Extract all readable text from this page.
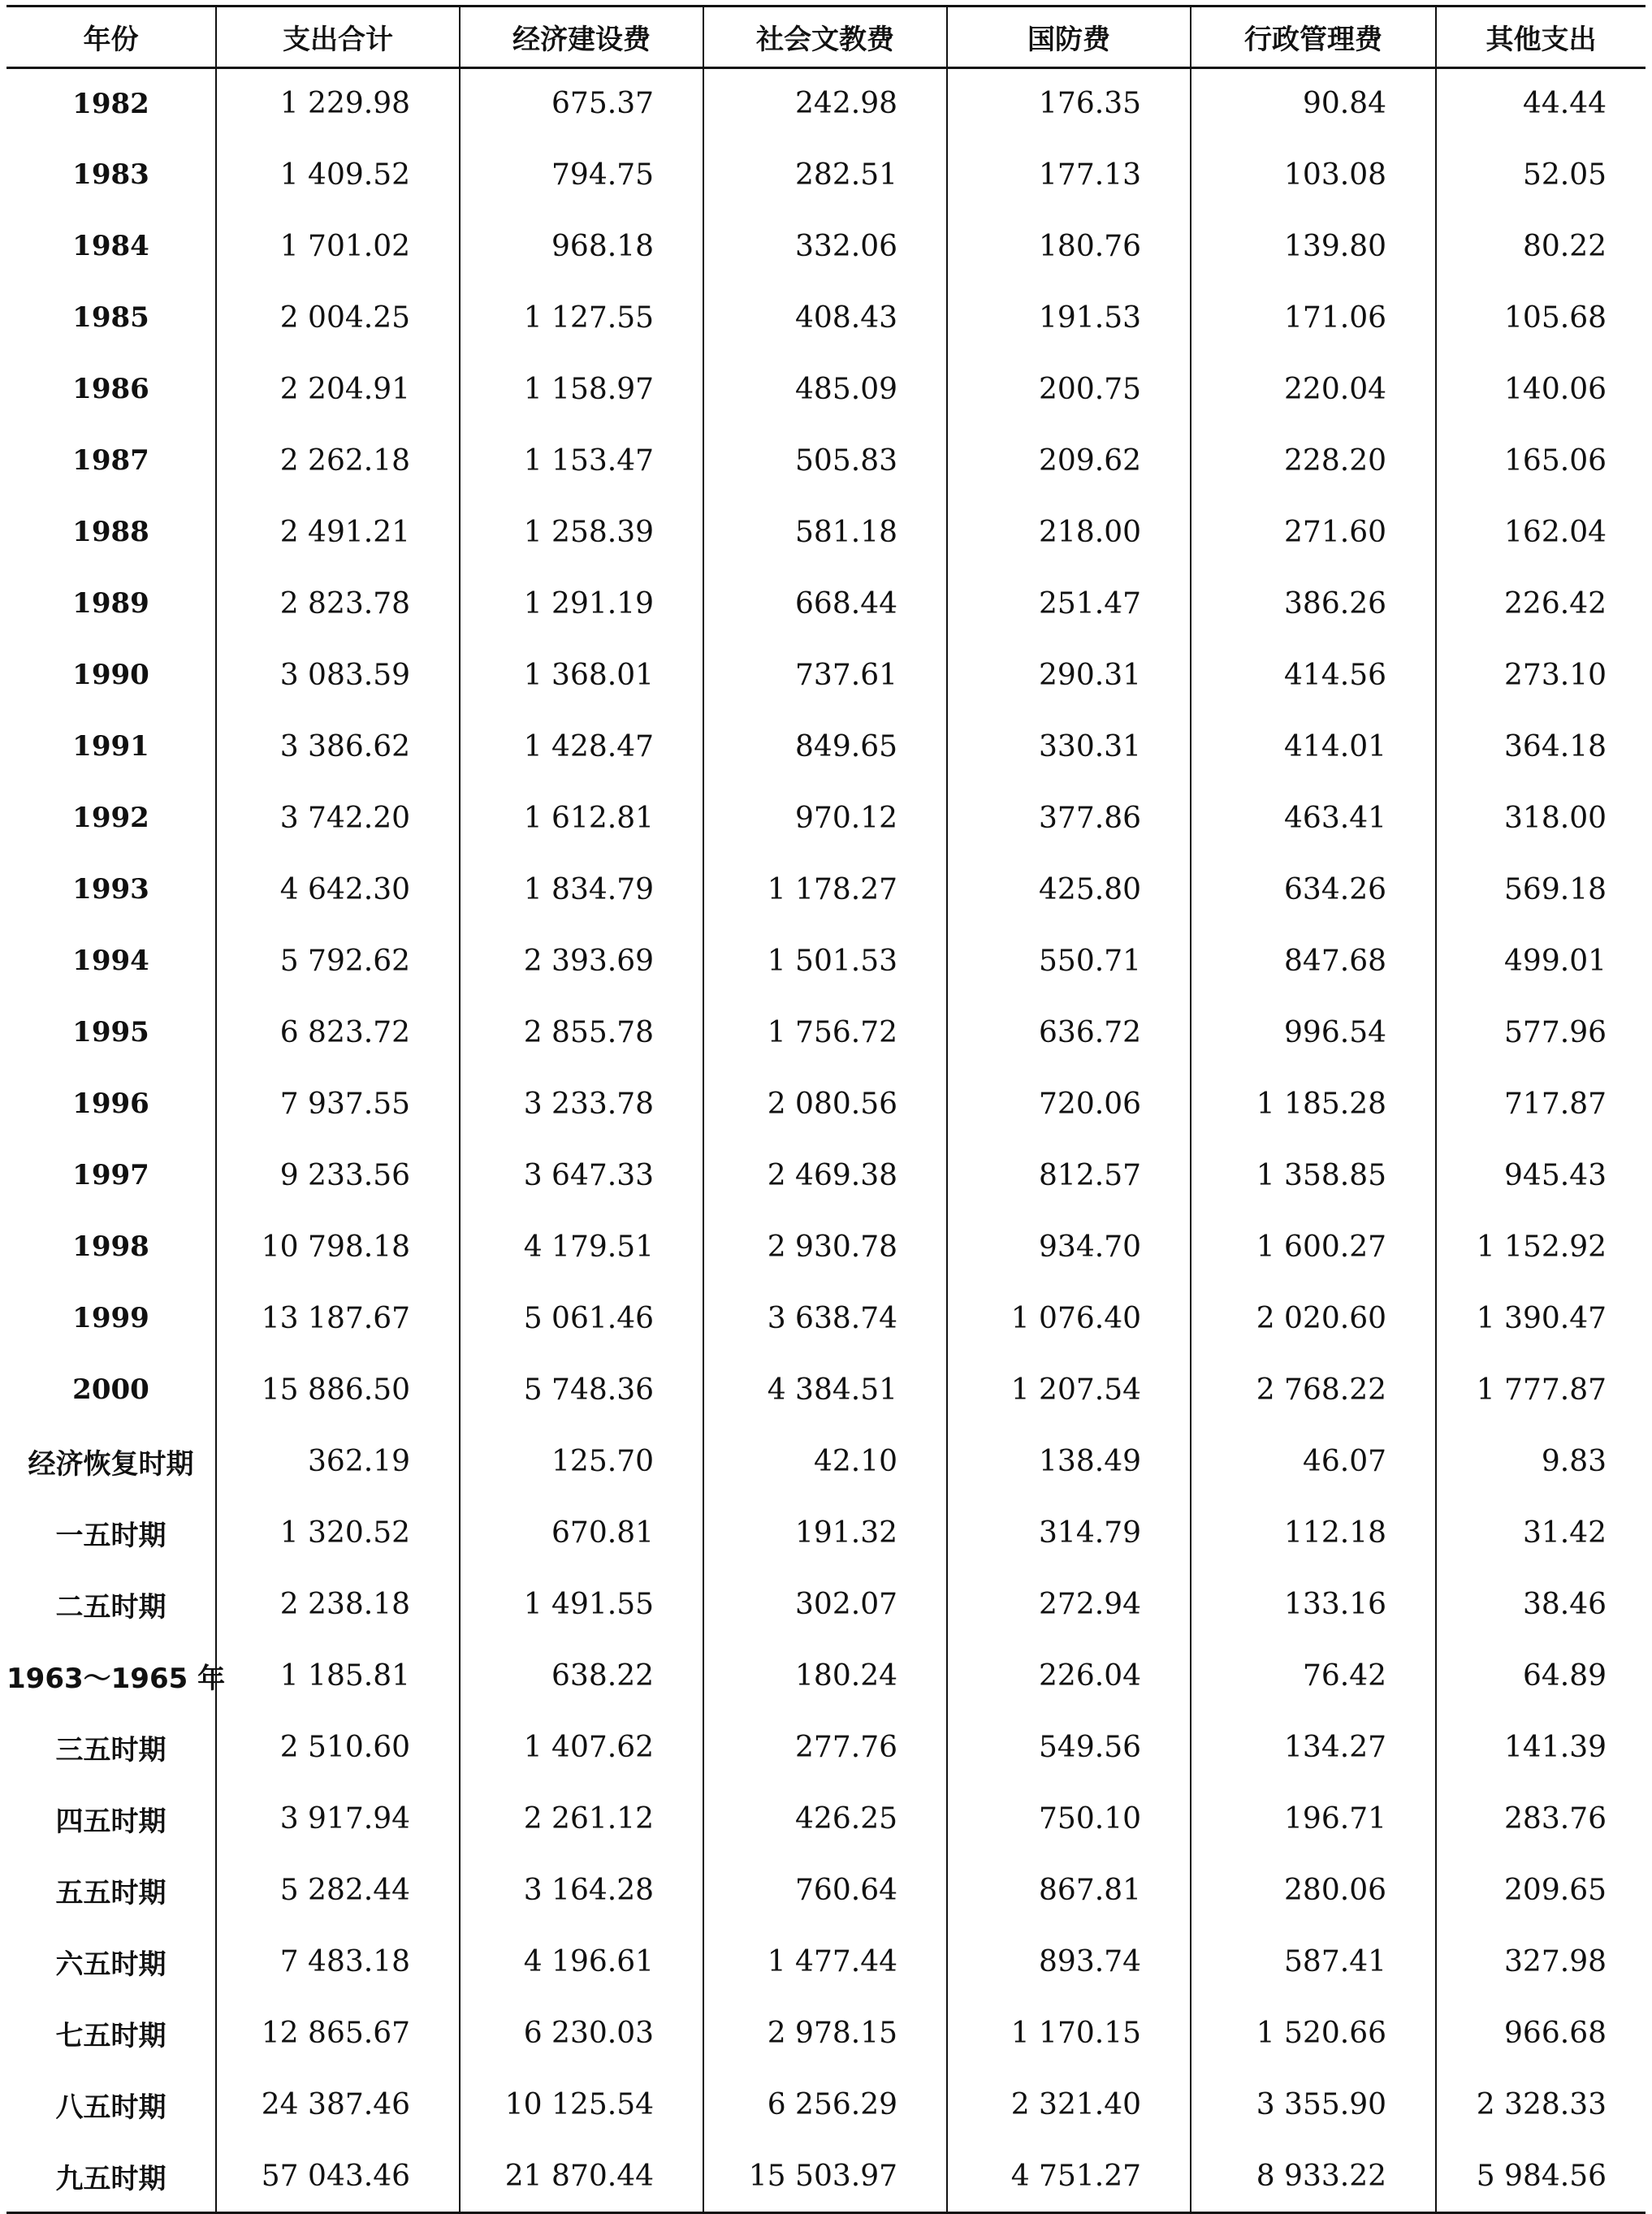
年份	支出合计	经济建设费	社会文教费	国防费	行政管理费	其他支出
1982	1 229.98	675.37	242.98	176.35	90.84	44.44
1983	1 409.52	794.75	282.51	177.13	103.08	52.05
1984	1 701.02	968.18	332.06	180.76	139.80	80.22
1985	2 004.25	1 127.55	408.43	191.53	171.06	105.68
1986	2 204.91	1 158.97	485.09	200.75	220.04	140.06
1987	2 262.18	1 153.47	505.83	209.62	228.20	165.06
1988	2 491.21	1 258.39	581.18	218.00	271.60	162.04
1989	2 823.78	1 291.19	668.44	251.47	386.26	226.42
1990	3 083.59	1 368.01	737.61	290.31	414.56	273.10
1991	3 386.62	1 428.47	849.65	330.31	414.01	364.18
1992	3 742.20	1 612.81	970.12	377.86	463.41	318.00
1993	4 642.30	1 834.79	1 178.27	425.80	634.26	569.18
1994	5 792.62	2 393.69	1 501.53	550.71	847.68	499.01
1995	6 823.72	2 855.78	1 756.72	636.72	996.54	577.96
1996	7 937.55	3 233.78	2 080.56	720.06	1 185.28	717.87
1997	9 233.56	3 647.33	2 469.38	812.57	1 358.85	945.43
1998	10 798.18	4 179.51	2 930.78	934.70	1 600.27	1 152.92
1999	13 187.67	5 061.46	3 638.74	1 076.40	2 020.60	1 390.47
2000	15 886.50	5 748.36	4 384.51	1 207.54	2 768.22	1 777.87
经济恢复时期	362.19	125.70	42.10	138.49	46.07	9.83
一五时期	1 320.52	670.81	191.32	314.79	112.18	31.42
二五时期	2 238.18	1 491.55	302.07	272.94	133.16	38.46
1963～1965 年	1 185.81	638.22	180.24	226.04	76.42	64.89
三五时期	2 510.60	1 407.62	277.76	549.56	134.27	141.39
四五时期	3 917.94	2 261.12	426.25	750.10	196.71	283.76
五五时期	5 282.44	3 164.28	760.64	867.81	280.06	209.65
六五时期	7 483.18	4 196.61	1 477.44	893.74	587.41	327.98
七五时期	12 865.67	6 230.03	2 978.15	1 170.15	1 520.66	966.68
八五时期	24 387.46	10 125.54	6 256.29	2 321.40	3 355.90	2 328.33
九五时期	57 043.46	21 870.44	15 503.97	4 751.27	8 933.22	5 984.56
